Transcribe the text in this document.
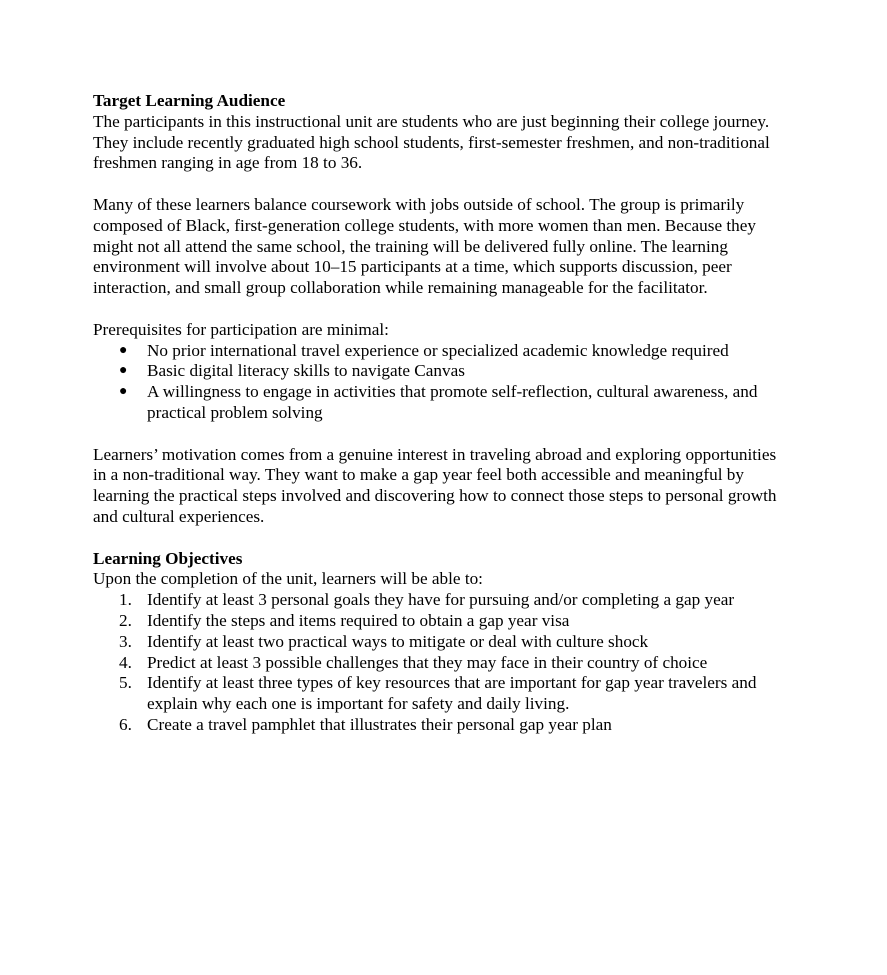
Target Learning Audience

The participants in this instructional unit are students who are just beginning their college journey. They include recently graduated high school students, first-semester freshmen, and non-traditional freshmen ranging in age from 18 to 36.

Many of these learners balance coursework with jobs outside of school. The group is primarily composed of Black, first-generation college students, with more women than men. Because they might not all attend the same school, the training will be delivered fully online. The learning environment will involve about 10–15 participants at a time, which supports discussion, peer interaction, and small group collaboration while remaining manageable for the facilitator.

Prerequisites for participation are minimal:

● No prior international travel experience or specialized academic knowledge required
● Basic digital literacy skills to navigate Canvas
● A willingness to engage in activities that promote self-reflection, cultural awareness, and practical problem solving

Learners’ motivation comes from a genuine interest in traveling abroad and exploring opportunities in a non-traditional way. They want to make a gap year feel both accessible and meaningful by learning the practical steps involved and discovering how to connect those steps to personal growth and cultural experiences.

Learning Objectives

Upon the completion of the unit, learners will be able to:

1. Identify at least 3 personal goals they have for pursuing and/or completing a gap year
2. Identify the steps and items required to obtain a gap year visa
3. Identify at least two practical ways to mitigate or deal with culture shock
4. Predict at least 3 possible challenges that they may face in their country of choice
5. Identify at least three types of key resources that are important for gap year travelers and explain why each one is important for safety and daily living.
6. Create a travel pamphlet that illustrates their personal gap year plan
